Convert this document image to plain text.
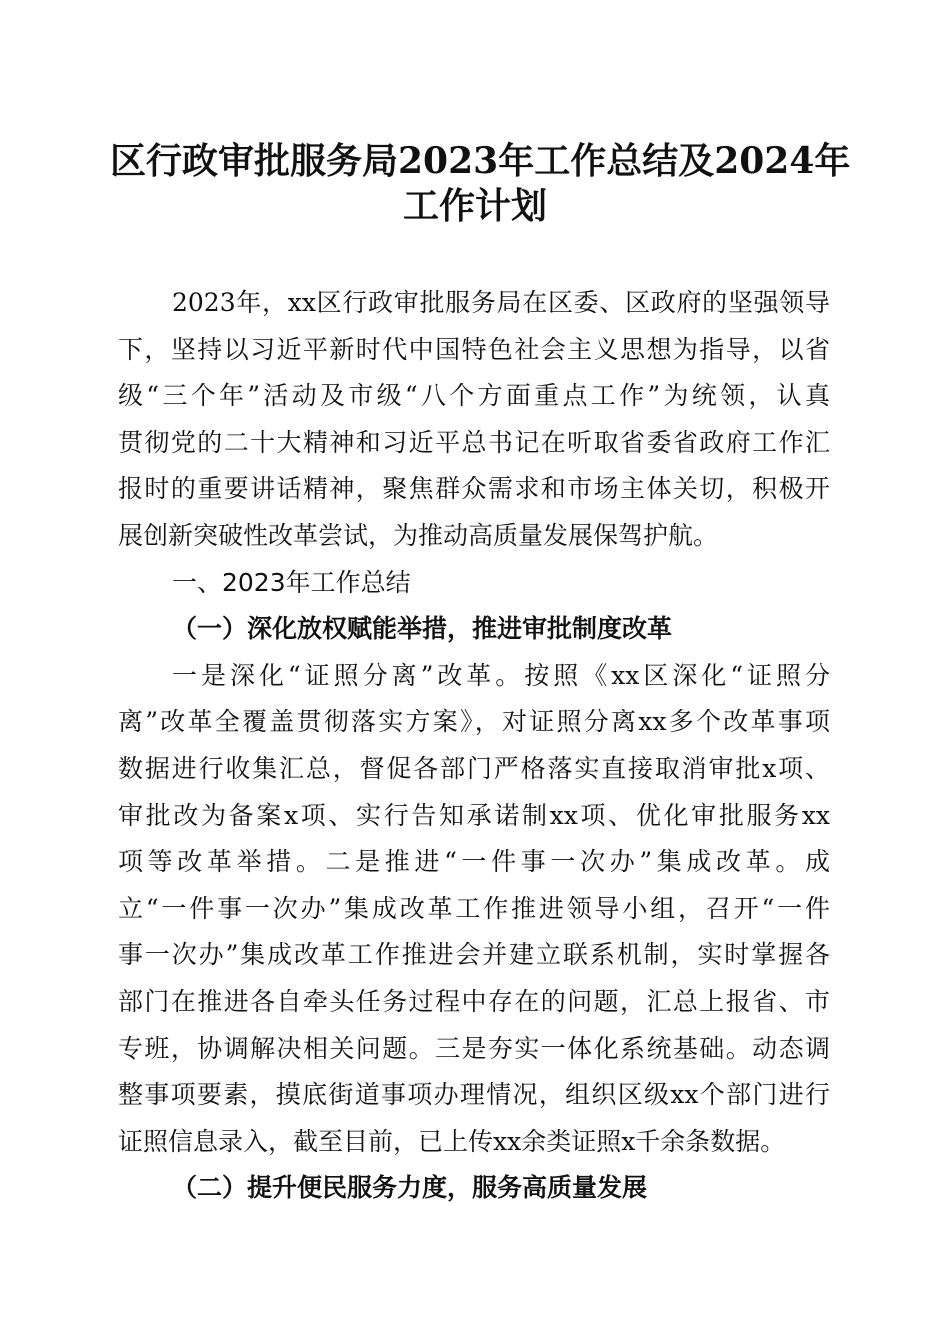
区行政审批服务局2023年工作总结及2024年
工作计划
2023年，xx区行政审批服务局在区委、区政府的坚强领导
下，坚持以习近平新时代中国特色社会主义思想为指导，以省
级“三个年”活动及市级“八个方面重点工作”为统领，认真
贯彻党的二十大精神和习近平总书记在听取省委省政府工作汇
报时的重要讲话精神，聚焦群众需求和市场主体关切，积极开
展创新突破性改革尝试，为推动高质量发展保驾护航。
一、2023年工作总结
（一）深化放权赋能举措，推进审批制度改革
一是深化“证照分离”改革。按照《xx区深化“证照分
离”改革全覆盖贯彻落实方案》，对证照分离xx多个改革事项
数据进行收集汇总，督促各部门严格落实直接取消审批x项、
审批改为备案x项、实行告知承诺制xx项、优化审批服务xx
项等改革举措。二是推进“一件事一次办”集成改革。成
立“一件事一次办”集成改革工作推进领导小组，召开“一件
事一次办”集成改革工作推进会并建立联系机制，实时掌握各
部门在推进各自牵头任务过程中存在的问题，汇总上报省、市
专班，协调解决相关问题。三是夯实一体化系统基础。动态调
整事项要素，摸底街道事项办理情况，组织区级xx个部门进行
证照信息录入，截至目前，已上传xx余类证照x千余条数据。
（二）提升便民服务力度，服务高质量发展
